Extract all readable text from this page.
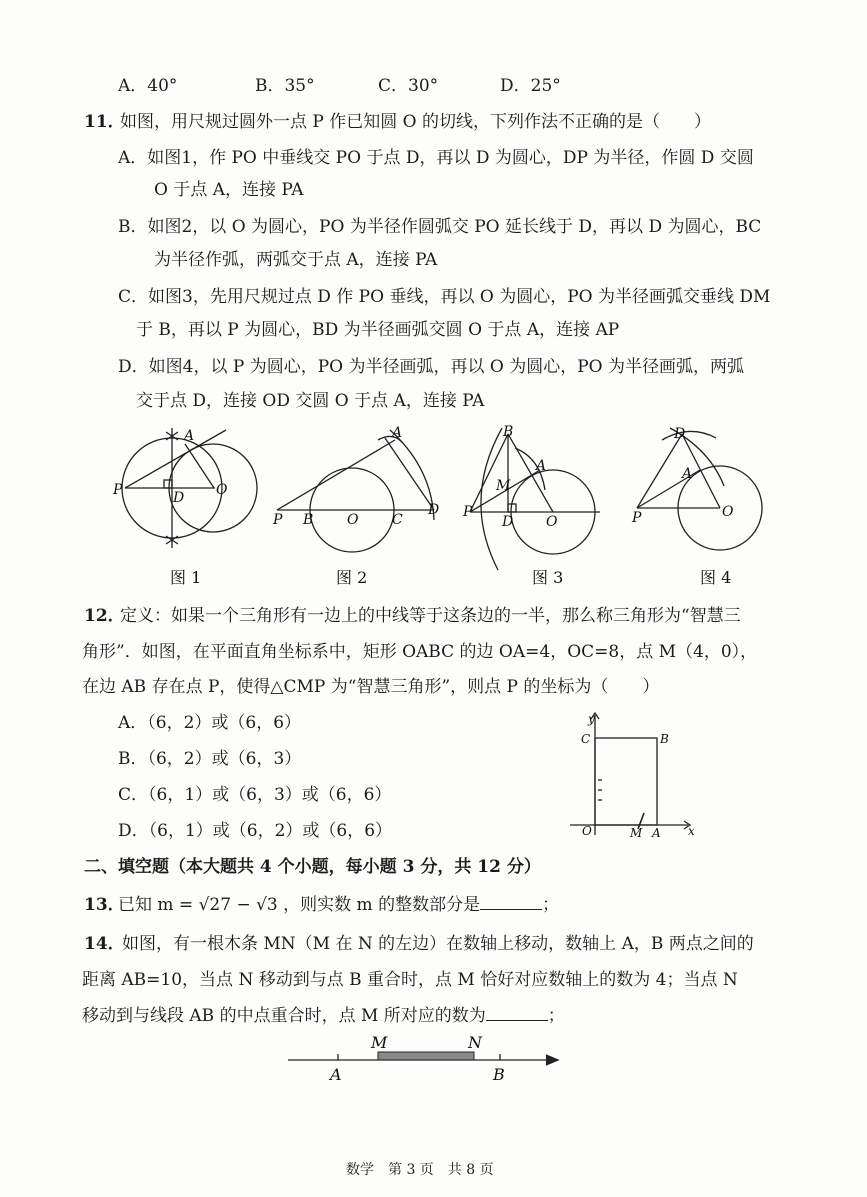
A．40°	B．35°	C．30°	D．25°
11．
如图，用尺规过圆外一点 P 作已知圆 O 的切线，下列作法不正确的是（　　）
A．如图1，作 PO 中垂线交 PO 于点 D，再以 D 为圆心，DP 为半径，作圆 D 交圆
O 于点 A，连接 PA
B．如图2，以 O 为圆心，PO 为半径作圆弧交 PO 延长线于 D，再以 D 为圆心，BC
为半径作弧，两弧交于点 A，连接 PA
C．如图3，先用尺规过点 D 作 PO 垂线，再以 O 为圆心，PO 为半径画弧交垂线 DM
于 B，再以 P 为圆心，BD 为半径画弧交圆 O 于点 A，连接 AP
D．如图4，以 P 为圆心，PO 为半径画弧，再以 O 为圆心，PO 为半径画弧，两弧
交于点 D，连接 OD 交圆 O 于点 A，连接 PA
A
P	D O
A
P B O C
D
B
A
M
P
D O
D
A
P	O
图 1	图 2	图 3	图 4
12．
定义：如果一个三角形有一边上的中线等于这条边的一半，那么称三角形为“智慧三
角形”．如图，在平面直角坐标系中，矩形 OABC 的边 OA=4，OC=8，点 M（4，0），
在边 AB 存在点 P，使得△CMP 为“智慧三角形”，则点 P 的坐标为（　　）
A．（6，2）或（6，6）
B．（6，2）或（6，3）
C．（6，1）或（6，3）或（6，6）
D．（6，1）或（6，2）或（6，6）
y
C	B
O	M A x
二、填空题（本大题共 4 个小题，每小题 3 分，共 12 分）
13．
已知 m = √27 − √3 ，则实数 m 的整数部分是	；
14．
如图，有一根木条 MN（M 在 N 的左边）在数轴上移动，数轴上 A，B 两点之间的
距离 AB=10，当点 N 移动到与点 B 重合时，点 M 恰好对应数轴上的数为 4；当点 N
移动到与线段 AB 的中点重合时，点 M 所对应的数为	；
M	N
A	B
数学　第 3 页　共 8 页
